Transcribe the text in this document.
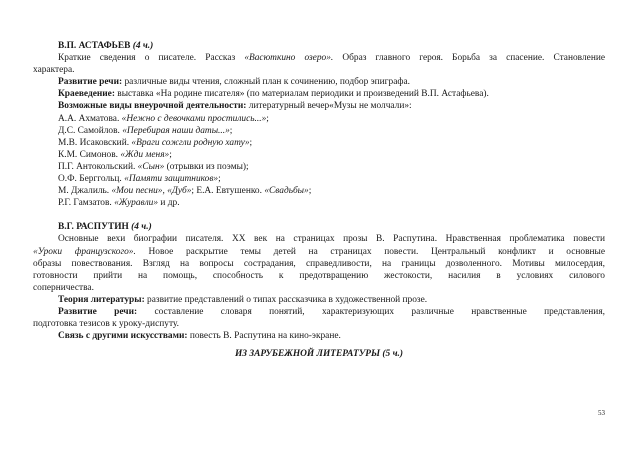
В.П. АСТАФЬЕВ (4 ч.)
Краткие сведения о писателе. Рассказ «Васюткино озеро». Образ главного героя. Борьба за спасение. Становление
характера.
Развитие речи: различные виды чтения, сложный план к сочинению, подбор эпиграфа.
Краеведение: выставка «На родине писателя» (по материалам периодики и произведений В.П. Астафьева).
Возможные виды внеурочной деятельности: литературный вечер«Музы не молчали»:
А.А. Ахматова. «Нежно с девочками простились...»;
Д.С. Самойлов. «Перебирая наши даты...»;
М.В. Исаковский. «Враги сожгли родную хату»;
К.М. Симонов. «Жди меня»;
П.Г. Антокольский. «Сын» (отрывки из поэмы);
О.Ф. Берггольц. «Памяти защитников»;
М. Джалиль. «Мои песни», «Дуб»; Е.А. Евтушенко. «Свадьбы»;
Р.Г. Гамзатов. «Журавли» и др.
В.Г. РАСПУТИН (4 ч.)
Основные вехи биографии писателя. XX век на страницах прозы В. Распутина. Нравственная проблематика повести
«Уроки французского». Новое раскрытие темы детей на страницах повести. Центральный конфликт и основные
образы повествования. Взгляд на вопросы сострадания, справедливости, на границы дозволенного. Мотивы милосердия,
готовности прийти на помощь, способность к предотвращению жестокости, насилия в условиях силового
соперничества.
Теория литературы: развитие представлений о типах рассказчика в художественной прозе.
Развитие речи: составление словаря понятий, характеризующих различные нравственные представления,
подготовка тезисов к уроку-диспуту.
Связь с другими искусствами: повесть В. Распутина на кино-экране.
ИЗ ЗАРУБЕЖНОЙ ЛИТЕРАТУРЫ (5 ч.)
53
